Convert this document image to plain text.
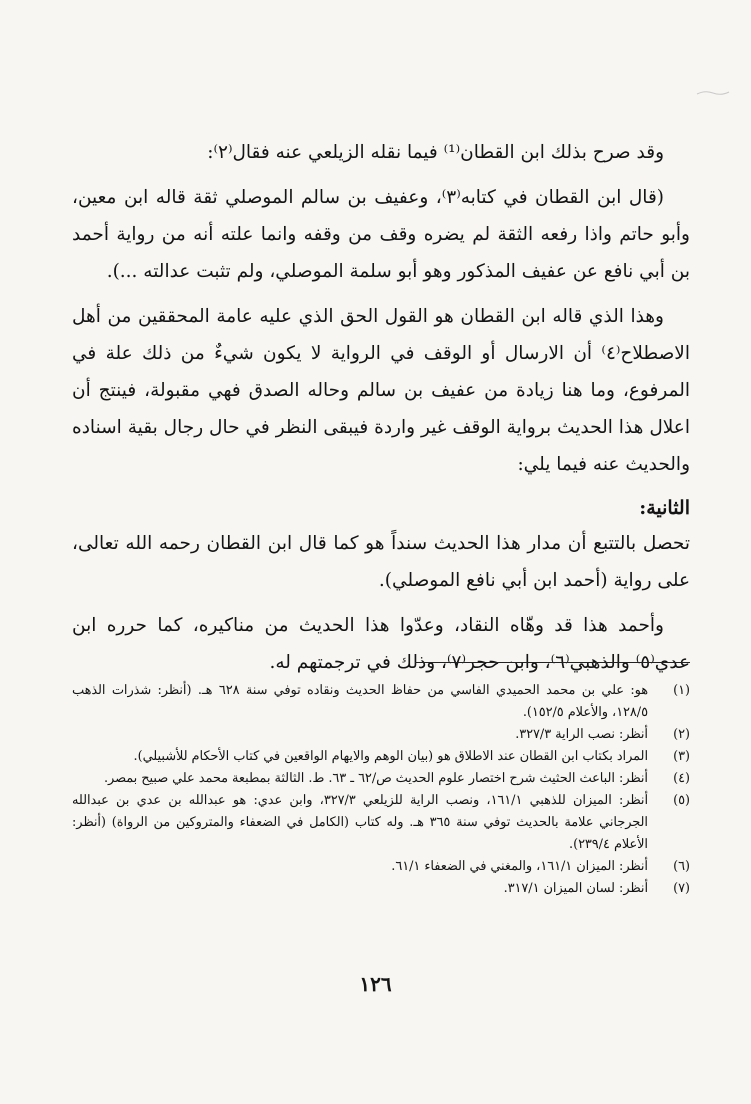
وقد صرح بذلك ابن القطان⁽¹⁾ فيما نقله الزيلعي عنه فقال⁽٢⁾:

(قال ابن القطان في كتابه⁽٣⁾، وعفيف بن سالم الموصلي ثقة قاله ابن معين، وأبو حاتم واذا رفعه الثقة لم يضره وقف من وقفه وانما علته أنه من رواية أحمد بن أبي نافع عن عفيف المذكور وهو أبو سلمة الموصلي، ولم تثبت عدالته ...).

وهذا الذي قاله ابن القطان هو القول الحق الذي عليه عامة المحققين من أهل الاصطلاح⁽٤⁾ أن الارسال أو الوقف في الرواية لا يكون شيءٌ من ذلك علة في المرفوع، وما هنا زيادة من عفيف بن سالم وحاله الصدق فهي مقبولة، فينتج أن اعلال هذا الحديث برواية الوقف غير واردة فيبقى النظر في حال رجال بقية اسناده والحديث عنه فيما يلي:

الثانية:

تحصل بالتتبع أن مدار هذا الحديث سنداً هو كما قال ابن القطان رحمه الله تعالى، على رواية (أحمد ابن أبي نافع الموصلي).

وأحمد هذا قد وهّاه النقاد، وعدّوا هذا الحديث من مناكيره، كما حرره ابن عدي⁽٥⁾ والذهبي⁽٦⁾، وابن حجر⁽٧⁾، وذلك في ترجمتهم له.

(١)
هو: علي بن محمد الحميدي الفاسي من حفاظ الحديث ونقاده توفي سنة ٦٢٨ هـ. (أنظر: شذرات الذهب ١٢٨/٥، والأعلام ١٥٢/٥).
(٢)
أنظر: نصب الراية ٣٢٧/٣.
(٣)
المراد بكتاب ابن القطان عند الاطلاق هو (بيان الوهم والايهام الواقعين في كتاب الأحكام للأشبيلي).
(٤)
أنظر: الباعث الحثيث شرح اختصار علوم الحديث ص/٦٢ ـ ٦٣. ط. الثالثة بمطبعة محمد علي صبيح بمصر.
(٥)
أنظر: الميزان للذهبي ١٦١/١، ونصب الراية للزيلعي ٣٢٧/٣، وابن عدي: هو عبدالله بن عدي بن عبدالله الجرجاني علامة بالحديث توفي سنة ٣٦٥ هـ. وله كتاب (الكامل في الضعفاء والمتروكين من الرواة) (أنظر: الأعلام ٢٣٩/٤).
(٦)
أنظر: الميزان ١٦١/١، والمغني في الضعفاء ٦١/١.
(٧)
أنظر: لسان الميزان ٣١٧/١.
١٢٦
